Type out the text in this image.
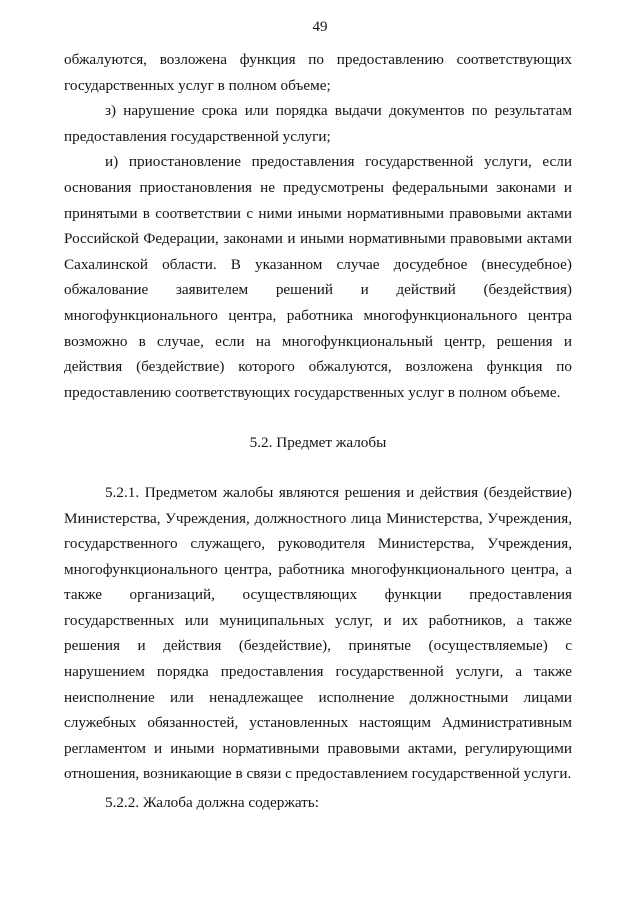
49

обжалуются, возложена функция по предоставлению соответствующих государственных услуг в полном объеме;

з) нарушение срока или порядка выдачи документов по результатам предоставления государственной услуги;

и) приостановление предоставления государственной услуги, если основания приостановления не предусмотрены федеральными законами и принятыми в соответствии с ними иными нормативными правовыми актами Российской Федерации, законами и иными нормативными правовыми актами Сахалинской области. В указанном случае досудебное (внесудебное) обжалование заявителем решений и действий (бездействия) многофункционального центра, работника многофункционального центра возможно в случае, если на многофункциональный центр, решения и действия (бездействие) которого обжалуются, возложена функция по предоставлению соответствующих государственных услуг в полном объеме.

5.2. Предмет жалобы

5.2.1. Предметом жалобы являются решения и действия (бездействие) Министерства, Учреждения, должностного лица Министерства, Учреждения, государственного служащего, руководителя Министерства, Учреждения, многофункционального центра, работника многофункционального центра, а также организаций, осуществляющих функции предоставления государственных или муниципальных услуг, и их работников, а также решения и действия (бездействие), принятые (осуществляемые) с нарушением порядка предоставления государственной услуги, а также неисполнение или ненадлежащее исполнение должностными лицами служебных обязанностей, установленных настоящим Административным регламентом и иными нормативными правовыми актами, регулирующими отношения, возникающие в связи с предоставлением государственной услуги.

5.2.2. Жалоба должна содержать:
